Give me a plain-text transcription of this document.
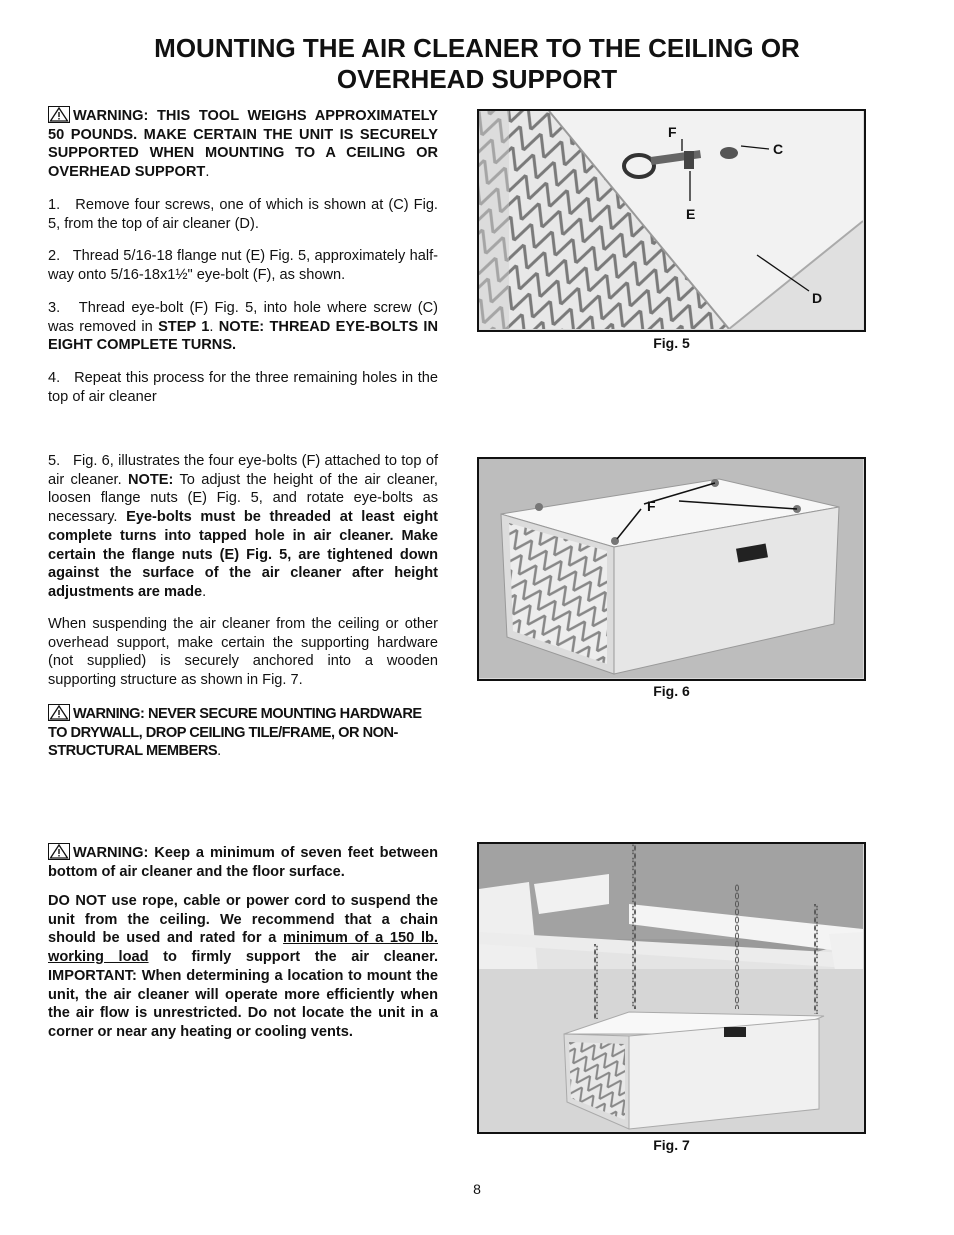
MOUNTING THE AIR CLEANER TO THE CEILING OR
OVERHEAD SUPPORT

WARNING: THIS TOOL WEIGHS APPROXIMATELY 50 POUNDS. MAKE CERTAIN THE UNIT IS SECURELY SUPPORTED WHEN MOUNTING TO A CEILING OR OVERHEAD SUPPORT.

1.   Remove four screws, one of which is shown at (C) Fig. 5, from the top of air cleaner (D).

2.   Thread 5/16-18 flange nut (E) Fig. 5, approximately half-way onto 5/16-18x1½" eye-bolt (F), as shown.

3.   Thread eye-bolt (F) Fig. 5, into hole where screw (C) was removed in STEP 1. NOTE: THREAD EYE-BOLTS IN EIGHT COMPLETE TURNS.

4.   Repeat this process for the three remaining holes in the top of air cleaner

5.   Fig. 6, illustrates the four eye-bolts (F) attached to top of air cleaner. NOTE: To adjust the height of the air cleaner, loosen flange nuts (E) Fig. 5, and rotate eye-bolts as necessary. Eye-bolts must be threaded at least eight complete turns into tapped hole in air cleaner. Make certain the flange nuts (E) Fig. 5, are tightened down against the surface of the air cleaner after height adjustments are made.

When suspending the air cleaner from the ceiling or other overhead support, make certain the supporting hardware (not supplied) is securely anchored into a wooden supporting structure as shown in Fig. 7.

WARNING: NEVER SECURE MOUNTING HARDWARE TO DRYWALL, DROP CEILING TILE/FRAME, OR NON-STRUCTURAL MEMBERS.

WARNING: Keep a minimum of seven feet between bottom of air cleaner and the floor surface.

DO NOT use rope, cable or power cord to suspend the unit from the ceiling. We recommend that a chain should be used and rated for a minimum of a 150 lb. working load to firmly support the air cleaner. IMPORTANT: When determining a location to mount the unit, the air cleaner will operate more efficiently when the air flow is unrestricted. Do not locate the unit in a corner or near any heating or cooling vents.

F
C
E
D
Fig. 5
F
Fig. 6
Fig. 7
8
